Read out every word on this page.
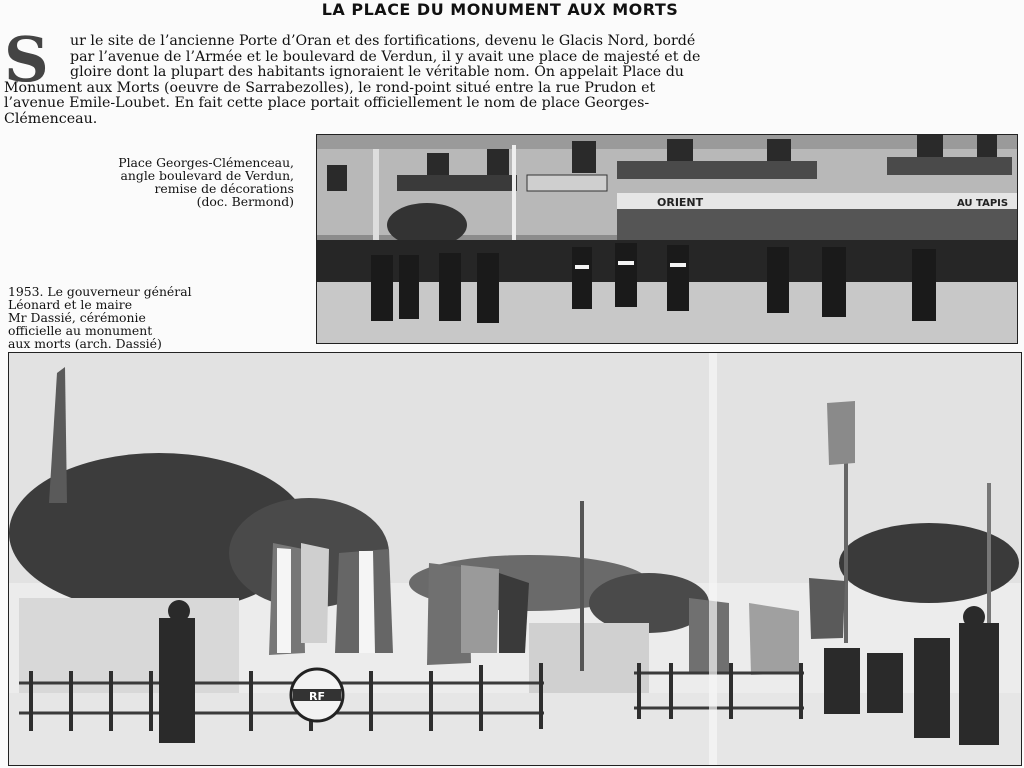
LA PLACE DU MONUMENT AUX MORTS
S	ur le site de l’ancienne Porte d’Oran et des fortifications, devenu le Glacis Nord, bordé
par l’avenue de l’Armée et le boulevard de Verdun, il y avait une place de majesté et de
gloire dont la plupart des habitants ignoraient le véritable nom. On appelait Place du
Monument aux Morts (oeuvre de Sarrabezolles), le rond-point situé entre la rue Prudon et
l’avenue Emile-Loubet. En fait cette place portait officiellement le nom de place Georges-
Clémenceau.
Place Georges-Clémenceau,
angle boulevard de Verdun,
remise de décorations
(doc. Bermond)
1953. Le gouverneur général
Léonard et le maire
Mr Dassié, cérémonie
officielle au monument
aux morts (arch. Dassié)
ORIENT	AU TAPIS
RF
